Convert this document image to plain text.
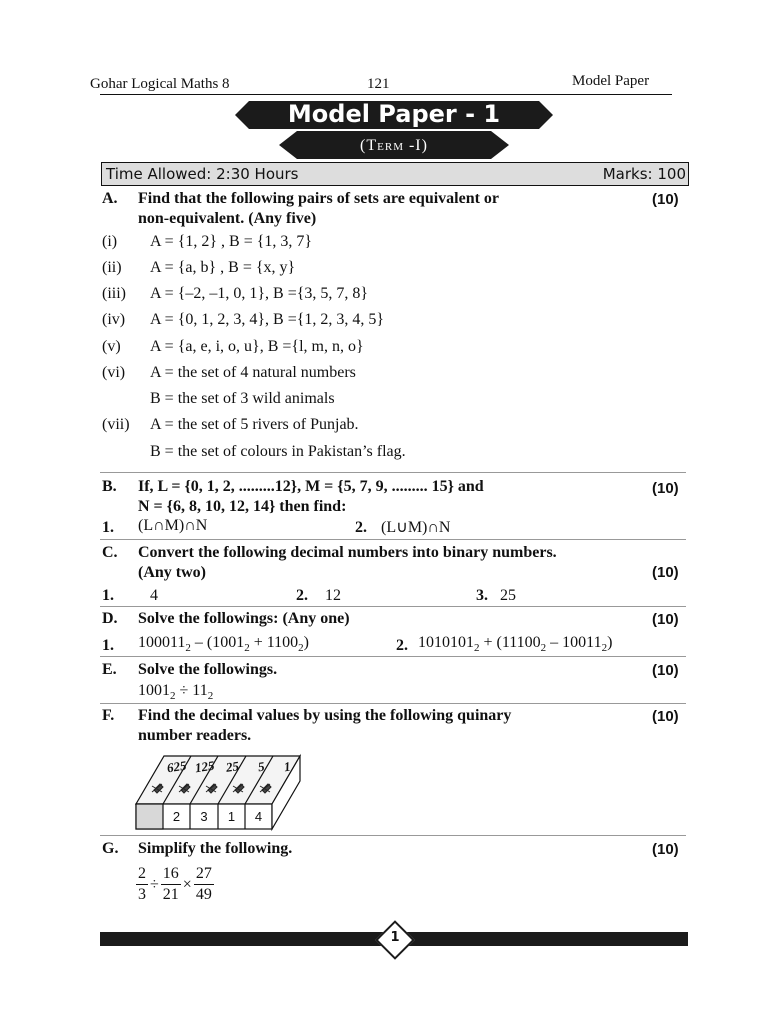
Gohar Logical Maths 8	121	Model Paper
Model Paper - 1
(Term -I)
Time Allowed: 2:30 Hours	Marks: 100
A. Find that the following pairs of sets are equivalent or
non-equivalent. (Any five)
(10)
(i) A = {1, 2} , B = {1, 3, 7}
(ii) A = {a, b} , B = {x, y}
(iii) A = {–2, –1, 0, 1}, B ={3, 5, 7, 8}
(iv) A = {0, 1, 2, 3, 4}, B ={1, 2, 3, 4, 5}
(v) A = {a, e, i, o, u}, B ={l, m, n, o}
(vi) A = the set of 4 natural numbers
B = the set of 3 wild animals
(vii) A = the set of 5 rivers of Punjab.
B = the set of colours in Pakistan’s flag.
B. If, L = {0, 1, 2, .........12}, M = {5, 7, 9, ......... 15} and
N = {6, 8, 10, 12, 14} then find:
(10)
1. (L∩M)∩N	2. (L∪M)∩N
C. Convert the following decimal numbers into binary numbers.
(Any two)	(10)
1. 4	2. 12	3. 25
D. Solve the followings: (Any one)	(10)
1. $100011_2 - (1001_2 + 1100_2)$	2. $1010101_2 + (11100_2 - 10011_2)$
E. Solve the followings.	(10)
$1001_2 \div 11_2$
F. Find the decimal values by using the following quinary
number readers.
(10)
625 125 25 5 1
2	3	1	4
G. Simplify the following.	(10)
$\frac{2}{3} \div \frac{16}{21} \times \frac{27}{49}$
1
